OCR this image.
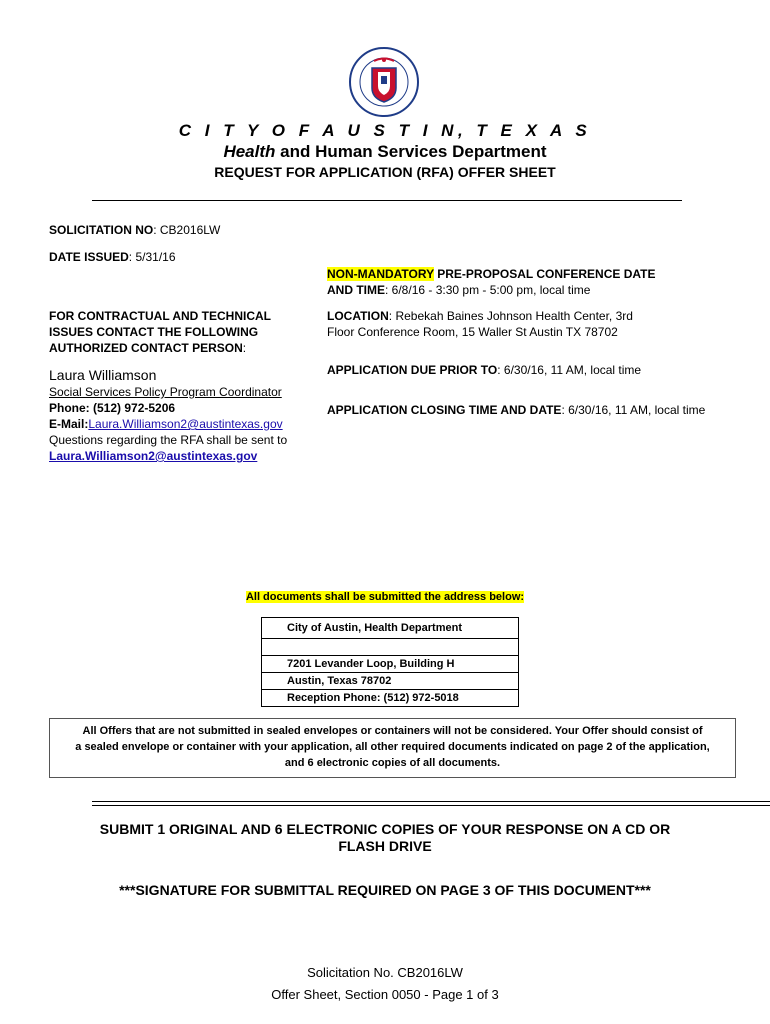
C I T Y O F A U S T I N, T E X A S
Health and Human Services Department
REQUEST FOR APPLICATION (RFA) OFFER SHEET
SOLICITATION NO: CB2016LW
DATE ISSUED: 5/31/16
NON-MANDATORY PRE-PROPOSAL CONFERENCE DATE
AND TIME: 6/8/16 - 3:30 pm - 5:00 pm, local time
FOR CONTRACTUAL AND TECHNICAL
ISSUES CONTACT THE FOLLOWING
AUTHORIZED CONTACT PERSON:
LOCATION: Rebekah Baines Johnson Health Center, 3rd
Floor Conference Room, 15 Waller St Austin TX 78702
Laura Williamson
Social Services Policy Program Coordinator
Phone: (512) 972-5206
E-Mail:Laura.Williamson2@austintexas.gov
Questions regarding the RFA shall be sent to
Laura.Williamson2@austintexas.gov
APPLICATION DUE PRIOR TO: 6/30/16, 11 AM, local time
APPLICATION CLOSING TIME AND DATE: 6/30/16, 11 AM, local time
All documents shall be submitted the address below:
City of Austin, Health Department
7201 Levander Loop, Building H
Austin, Texas 78702
Reception Phone: (512) 972-5018
All Offers that are not submitted in sealed envelopes or containers will not be considered. Your Offer should consist of
a sealed envelope or container with your application, all other required documents indicated on page 2 of the application,
and 6 electronic copies of all documents.
SUBMIT 1 ORIGINAL AND 6 ELECTRONIC COPIES OF YOUR RESPONSE ON A CD OR
FLASH DRIVE
***SIGNATURE FOR SUBMITTAL REQUIRED ON PAGE 3 OF THIS DOCUMENT***
Solicitation No. CB2016LW
Offer Sheet, Section 0050 - Page 1 of 3
